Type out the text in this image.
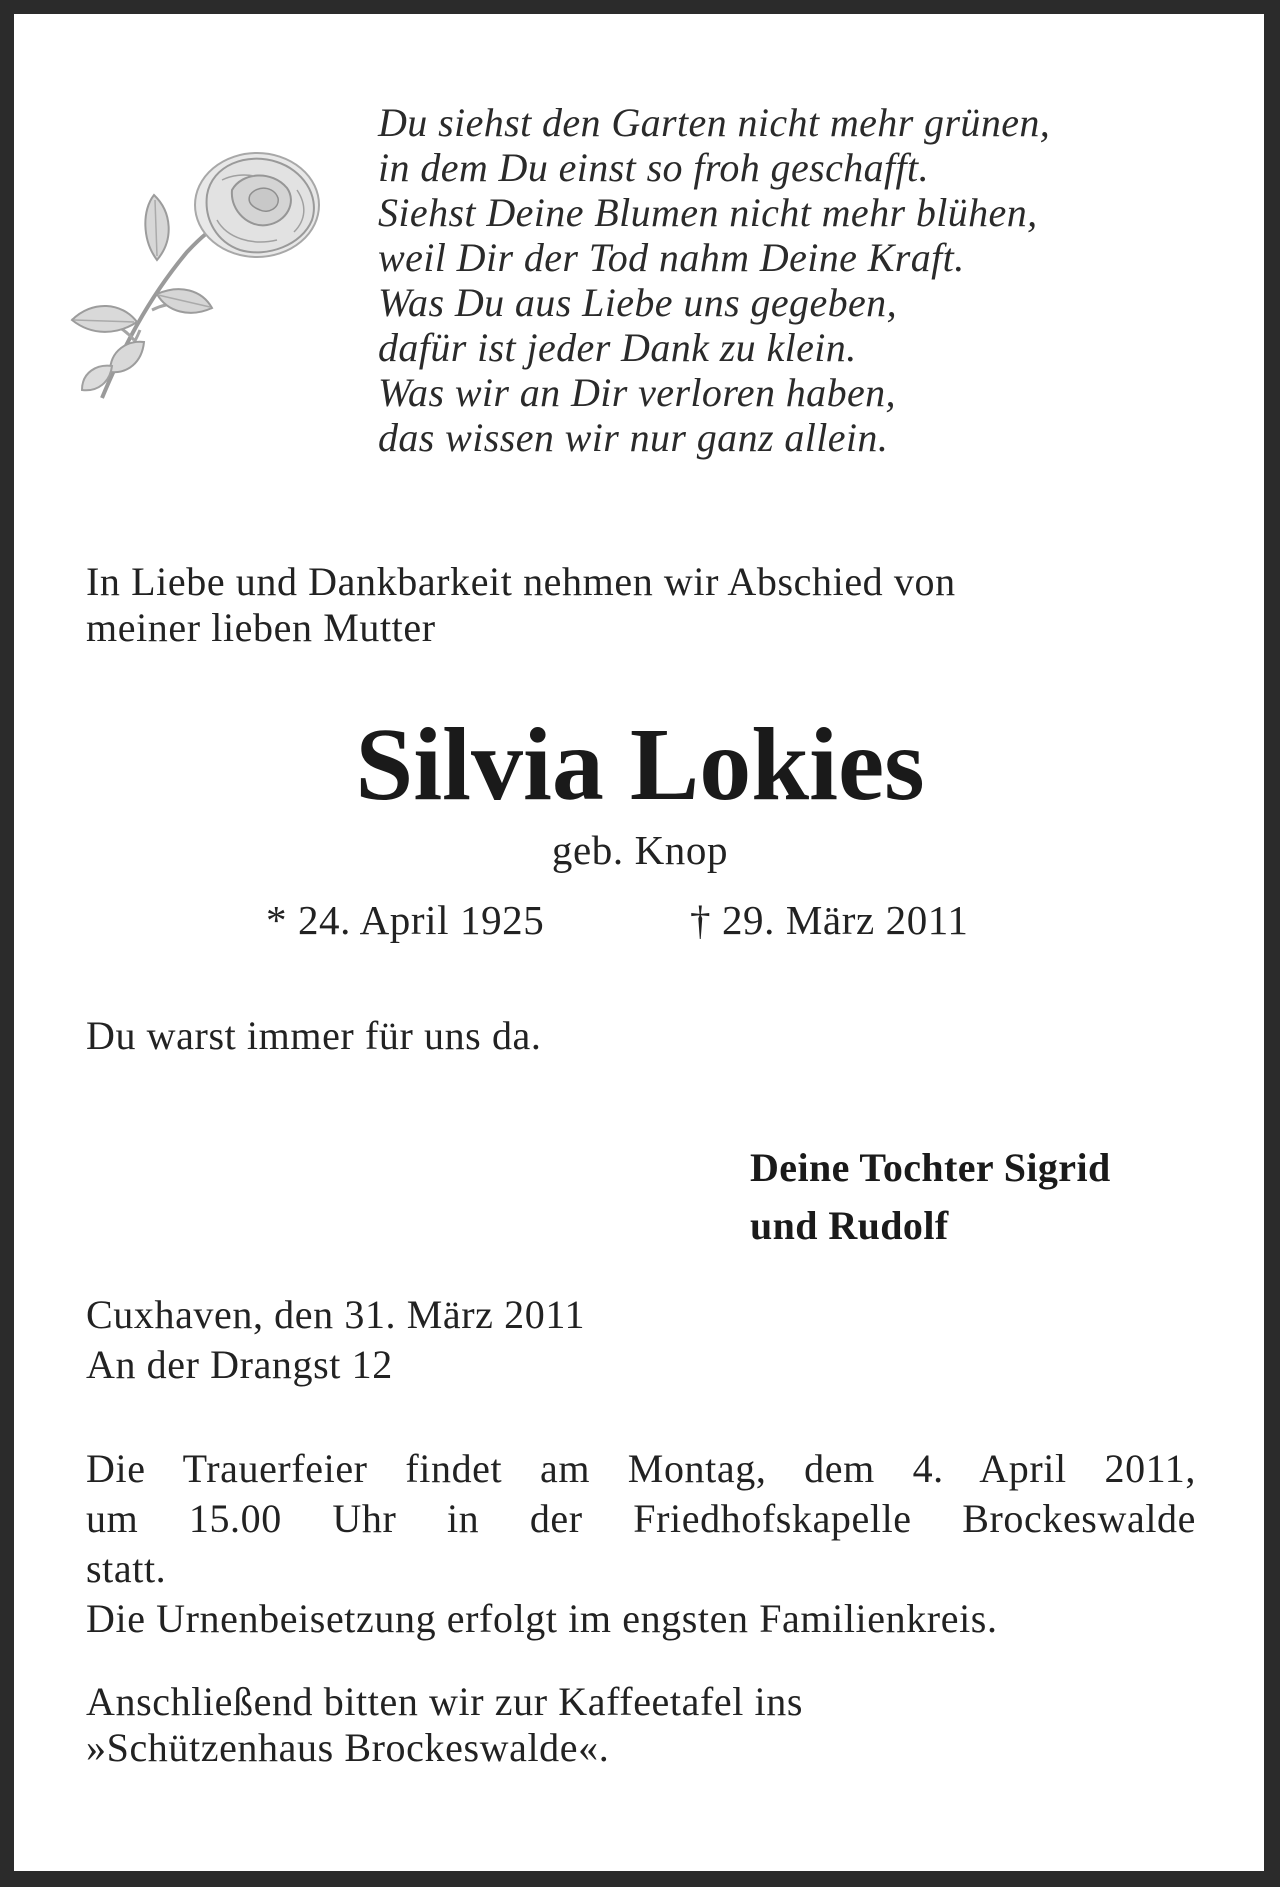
Du siehst den Garten nicht mehr grünen,
in dem Du einst so froh geschafft.
Siehst Deine Blumen nicht mehr blühen,
weil Dir der Tod nahm Deine Kraft.
Was Du aus Liebe uns gegeben,
dafür ist jeder Dank zu klein.
Was wir an Dir verloren haben,
das wissen wir nur ganz allein.
In Liebe und Dankbarkeit nehmen wir Abschied von
meiner lieben Mutter
Silvia Lokies
geb. Knop
* 24. April 1925	† 29. März 2011
Du warst immer für uns da.
Deine Tochter Sigrid
und Rudolf
Cuxhaven, den 31. März 2011
An der Drangst 12
Die Trauerfeier findet am Montag, dem 4. April 2011,
um 15.00 Uhr in der Friedhofskapelle Brockeswalde
statt.
Die Urnenbeisetzung erfolgt im engsten Familienkreis.
Anschließend bitten wir zur Kaffeetafel ins
»Schützenhaus Brockeswalde«.
